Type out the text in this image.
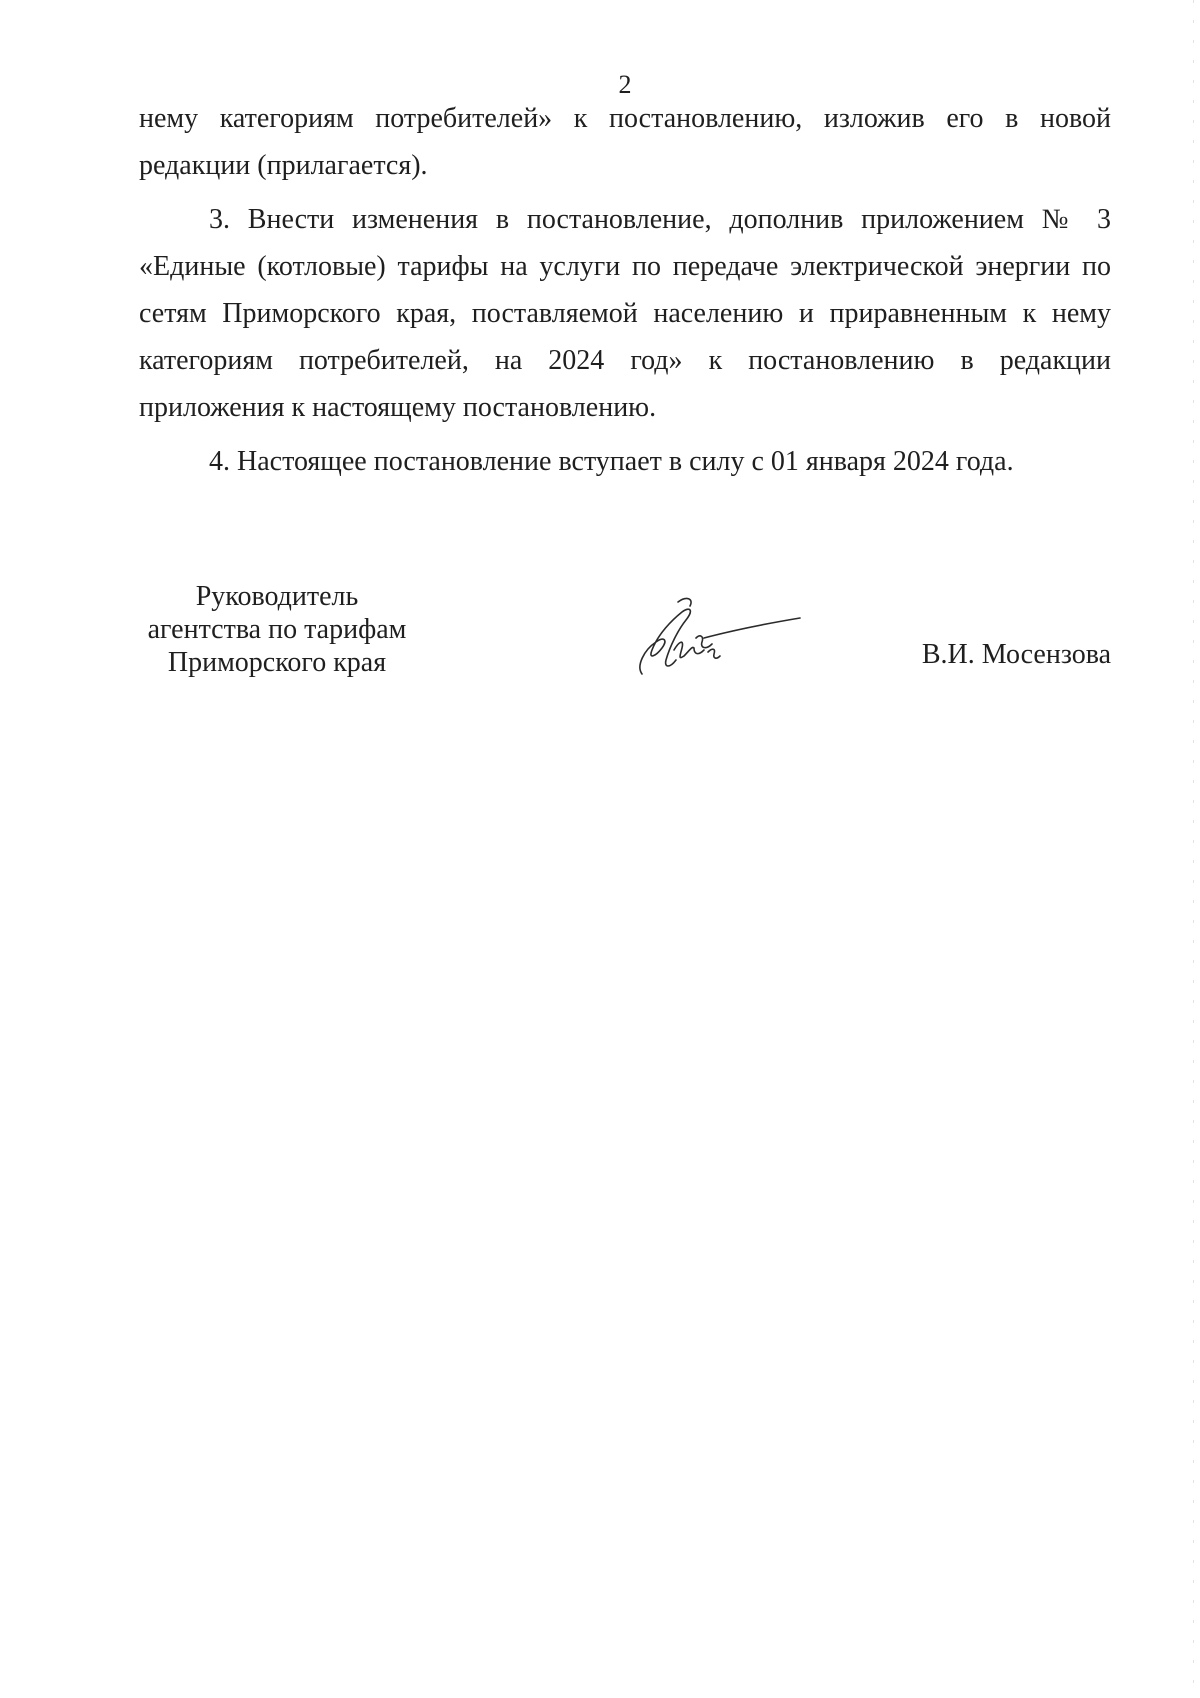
2

нему категориям потребителей» к постановлению, изложив его в новой редакции (прилагается).

3. Внести изменения в постановление, дополнив приложением № 3 «Единые (котловые) тарифы на услуги по передаче электрической энергии по сетям Приморского края, поставляемой населению и приравненным к нему категориям потребителей, на 2024 год» к постановлению в редакции приложения к настоящему постановлению.

4. Настоящее постановление вступает в силу с 01 января 2024 года.

Руководитель
агентства по тарифам
Приморского края	В.И. Мосензова
